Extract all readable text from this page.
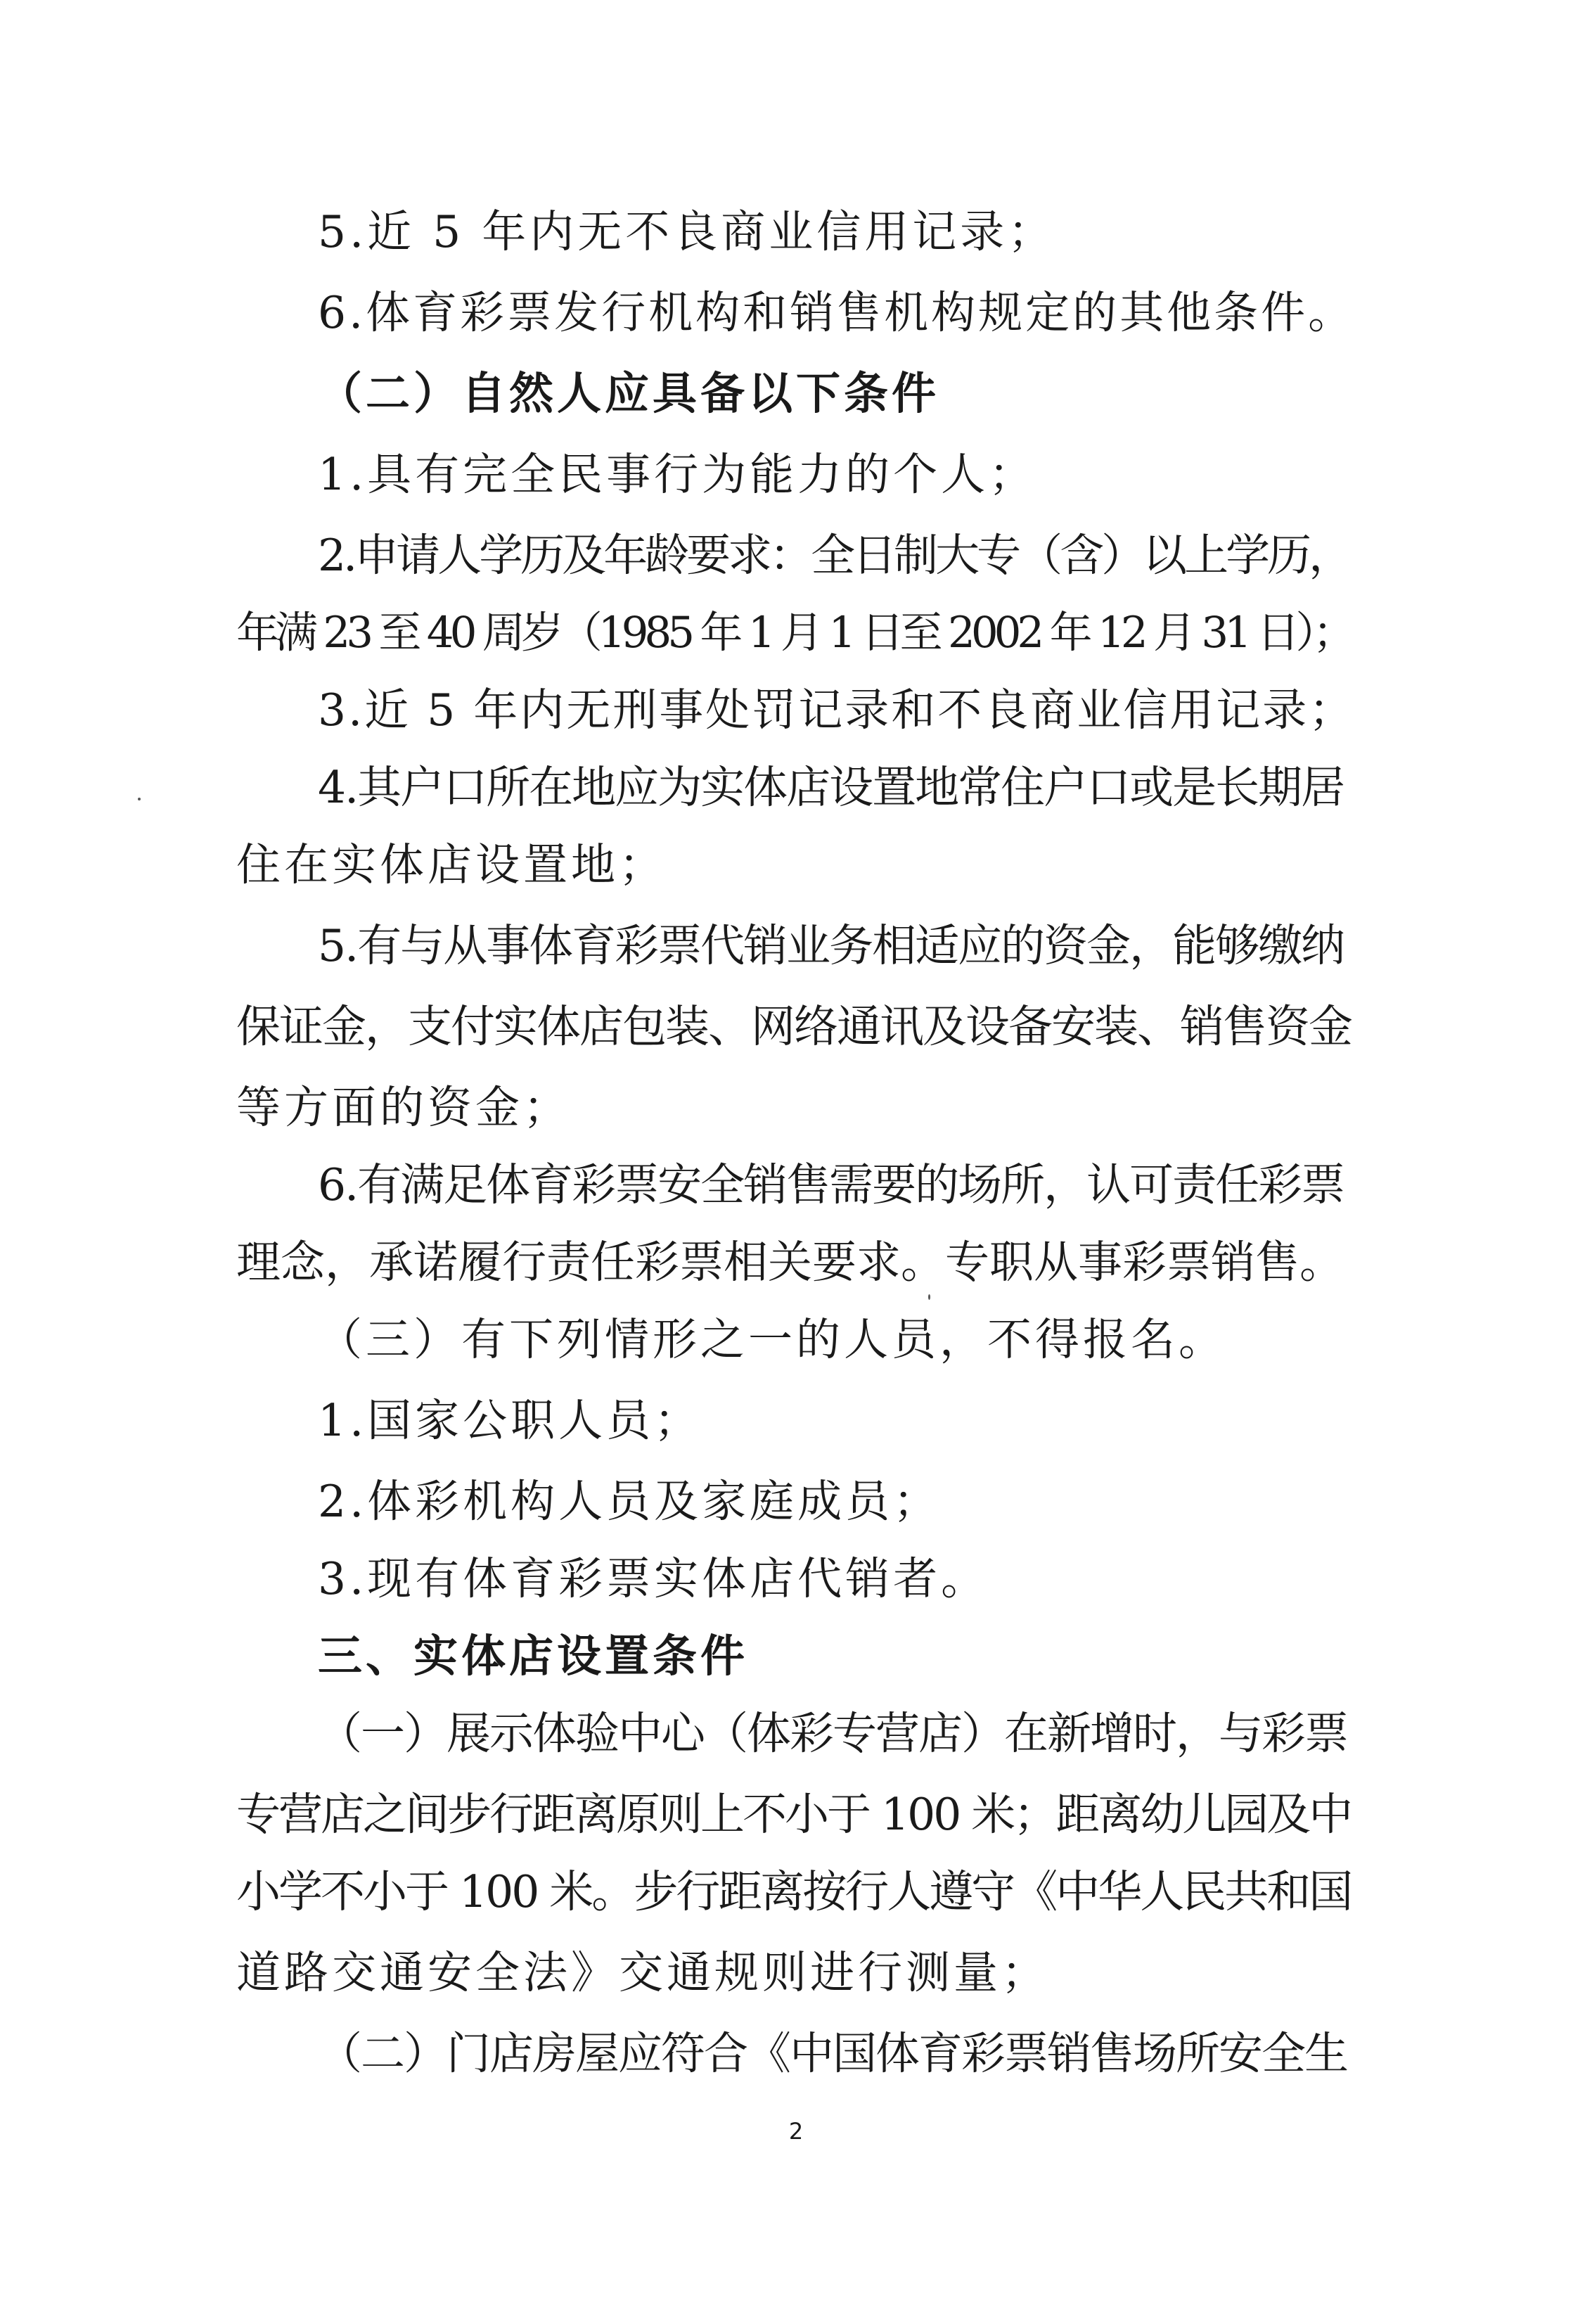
5.近 5 年内无不良商业信用记录；
6.体育彩票发行机构和销售机构规定的其他条件。
（二）自然人应具备以下条件
1.具有完全民事行为能力的个人；
2.申请人学历及年龄要求：全日制大专（含）以上学历，
年满 23 至 40 周岁（1985 年 1 月 1 日至 2002 年 12 月 31 日）；
3.近 5 年内无刑事处罚记录和不良商业信用记录；
4.其户口所在地应为实体店设置地常住户口或是长期居
住在实体店设置地；
5.有与从事体育彩票代销业务相适应的资金，能够缴纳
保证金，支付实体店包装、网络通讯及设备安装、销售资金
等方面的资金；
6.有满足体育彩票安全销售需要的场所，认可责任彩票
理念，承诺履行责任彩票相关要求。专职从事彩票销售。
（三）有下列情形之一的人员，不得报名。
1.国家公职人员；
2.体彩机构人员及家庭成员；
3.现有体育彩票实体店代销者。
三、实体店设置条件
（一）展示体验中心（体彩专营店）在新增时，与彩票
专营店之间步行距离原则上不小于 100 米；距离幼儿园及中
小学不小于 100 米。步行距离按行人遵守《中华人民共和国
道路交通安全法》交通规则进行测量；
（二）门店房屋应符合《中国体育彩票销售场所安全生
2
